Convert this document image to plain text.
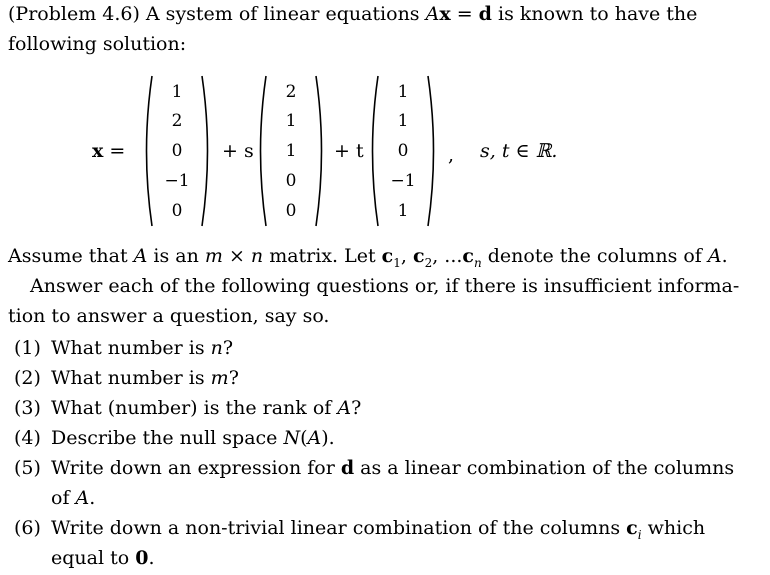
(Problem 4.6) A system of linear equations Ax = d is known to have the
following solution:
x =
1
2
0
−1
0
+ s
2
1
1
0
0
+ t
1
1
0
−1
1
, s, t ∈ ℝ.
Assume that A is an m × n matrix. Let $c_1$, $c_2$, $...c_n$ denote the columns of A.
Answer each of the following questions or, if there is insufficient informa-
tion to answer a question, say so.
(1) What number is n?
(2) What number is m?
(3) What (number) is the rank of A?
(4) Describe the null space N(A).
(5) Write down an expression for d as a linear combination of the columns
of A.
(6) Write down a non-trivial linear combination of the columns $c_i$ which
equal to 0.
